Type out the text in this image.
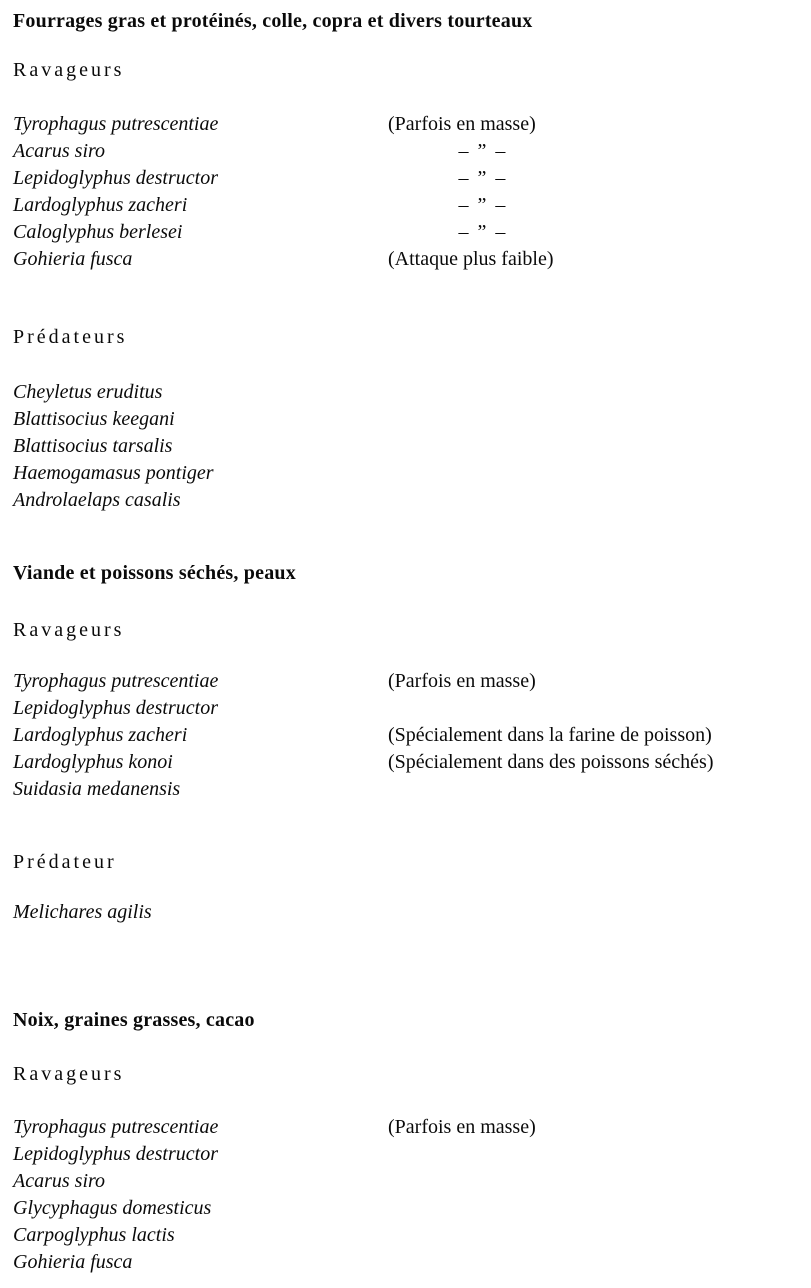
Fourrages gras et protéinés, colle, copra et divers tourteaux
Ravageurs
Tyrophagus putrescentiae	(Parfois en masse)
Acarus siro	– ” –
Lepidoglyphus destructor	– ” –
Lardoglyphus zacheri	– ” –
Caloglyphus berlesei	– ” –
Gohieria fusca	(Attaque plus faible)
Prédateurs
Cheyletus eruditus
Blattisocius keegani
Blattisocius tarsalis
Haemogamasus pontiger
Androlaelaps casalis
Viande et poissons séchés, peaux
Ravageurs
Tyrophagus putrescentiae	(Parfois en masse)
Lepidoglyphus destructor
Lardoglyphus zacheri	(Spécialement dans la farine de poisson)
Lardoglyphus konoi	(Spécialement dans des poissons séchés)
Suidasia medanensis
Prédateur
Melichares agilis
Noix, graines grasses, cacao
Ravageurs
Tyrophagus putrescentiae	(Parfois en masse)
Lepidoglyphus destructor
Acarus siro
Glycyphagus domesticus
Carpoglyphus lactis
Gohieria fusca
